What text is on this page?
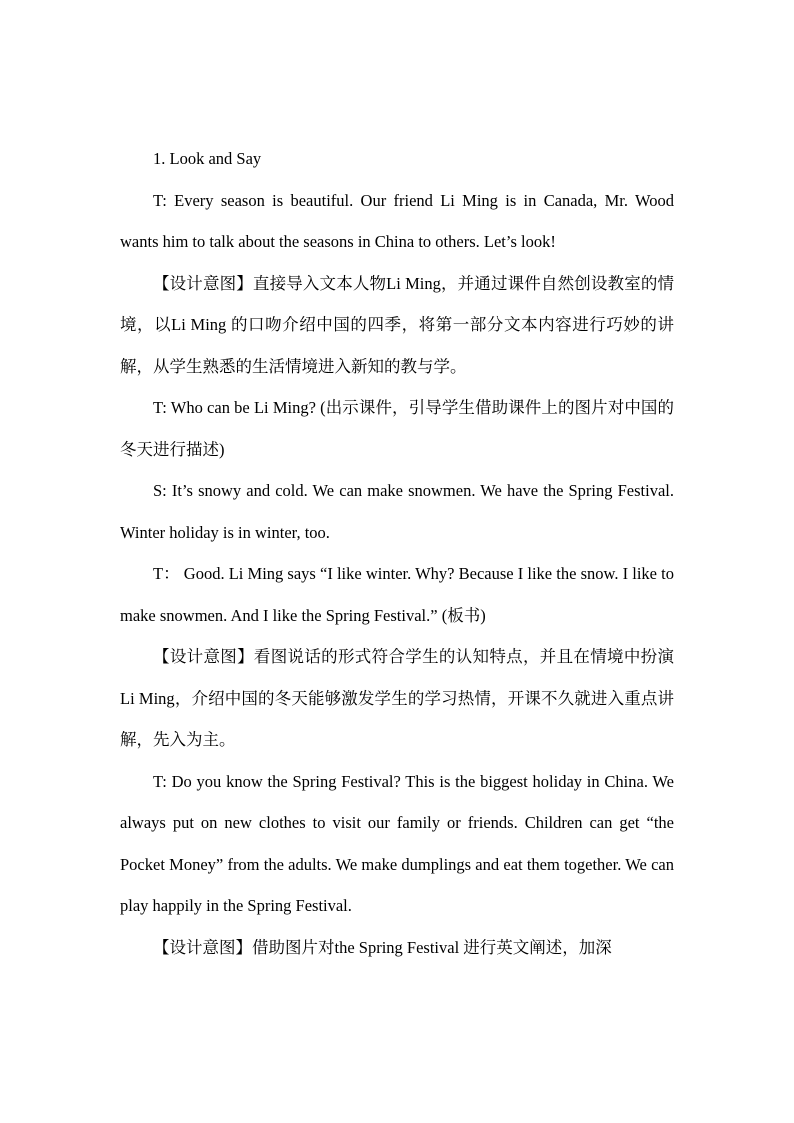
1. Look and Say

T: Every season is beautiful. Our friend Li Ming is in Canada, Mr. Wood wants him to talk about the seasons in China to others. Let’s look!

【设计意图】直接导入文本人物Li Ming，并通过课件自然创设教室的情境，以Li Ming 的口吻介绍中国的四季，将第一部分文本内容进行巧妙的讲解，从学生熟悉的生活情境进入新知的教与学。

T: Who can be Li Ming? (出示课件，引导学生借助课件上的图片对中国的冬天进行描述)

S: It’s snowy and cold. We can make snowmen. We have the Spring Festival. Winter holiday is in winter, too.

T： Good. Li Ming says “I like winter. Why? Because I like the snow. I like to make snowmen. And I like the Spring Festival.” (板书)

【设计意图】看图说话的形式符合学生的认知特点，并且在情境中扮演Li Ming，介绍中国的冬天能够激发学生的学习热情，开课不久就进入重点讲解，先入为主。

T: Do you know the Spring Festival? This is the biggest holiday in China. We always put on new clothes to visit our family or friends. Children can get “the Pocket Money” from the adults. We make dumplings and eat them together. We can play happily in the Spring Festival.

【设计意图】借助图片对the Spring Festival 进行英文阐述，加深
